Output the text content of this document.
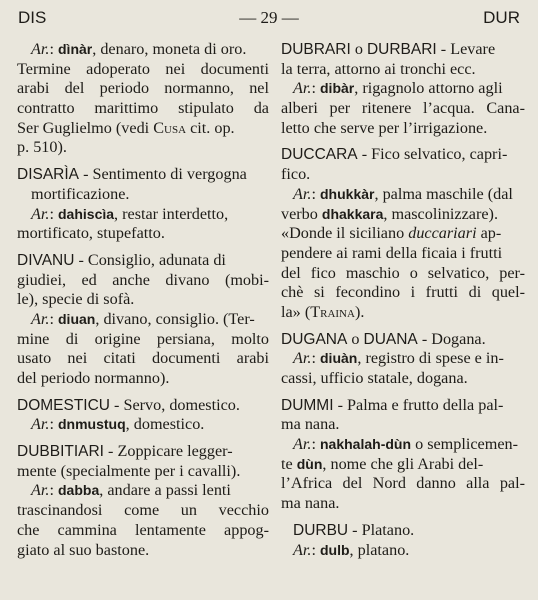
DIS	— 29 —	DUR
Ar.: dìnàr, denaro, moneta di oro.
Termine adoperato nei documenti
arabi del periodo normanno, nel
contratto marittimo stipulato da
Ser Guglielmo (vedi Cusa cit. op.
p. 510).
DISARÌA - Sentimento di vergogna
mortificazione.
Ar.: dahiscìa, restar interdetto,
mortificato, stupefatto.
DIVANU - Consiglio, adunata di
giudiei, ed anche divano (mobi-
le), specie di sofà.
Ar.: diuan, divano, consiglio. (Ter-
mine di origine persiana, molto
usato nei citati documenti arabi
del periodo normanno).
DOMESTICU - Servo, domestico.
Ar.: dnmustuq, domestico.
DUBBITIARI - Zoppicare legger-
mente (specialmente per i cavalli).
Ar.: dabba, andare a passi lenti
trascinandosi come un vecchio
che cammina lentamente appog-
giato al suo bastone.
DUBRARI o DURBARI - Levare
la terra, attorno ai tronchi ecc.
Ar.: dibàr, rigagnolo attorno agli
alberi per ritenere l’acqua. Cana-
letto che serve per l’irrigazione.
DUCCARA - Fico selvatico, capri-
fico.
Ar.: dhukkàr, palma maschile (dal
verbo dhakkara, mascolinizzare).
«Donde il siciliano duccariari ap-
pendere ai rami della ficaia i frutti
del fico maschio o selvatico, per-
chè si fecondino i frutti di quel-
la» (Traina).
DUGANA o DUANA - Dogana.
Ar.: diuàn, registro di spese e in-
cassi, ufficio statale, dogana.
DUMMI - Palma e frutto della pal-
ma nana.
Ar.: nakhalah-dùn o semplicemen-
te dùn, nome che gli Arabi del-
l’Africa del Nord danno alla pal-
ma nana.
DURBU - Platano.
Ar.: dulb, platano.
